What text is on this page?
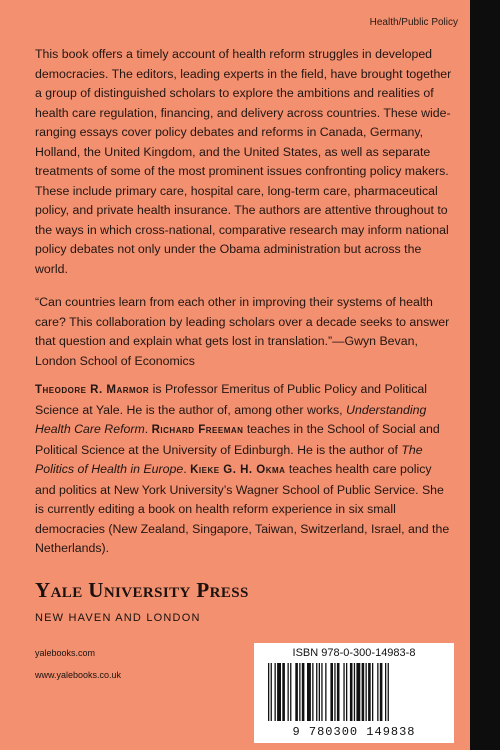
Health/Public Policy
This book offers a timely account of health reform struggles in developed democracies. The editors, leading experts in the field, have brought together a group of distinguished scholars to explore the ambitions and realities of health care regulation, financing, and delivery across countries. These wide-ranging essays cover policy debates and reforms in Canada, Germany, Holland, the United Kingdom, and the United States, as well as separate treatments of some of the most prominent issues confronting policy makers. These include primary care, hospital care, long-term care, pharmaceutical policy, and private health insurance. The authors are attentive throughout to the ways in which cross-national, comparative research may inform national policy debates not only under the Obama administration but across the world.
“Can countries learn from each other in improving their systems of health care? This collaboration by leading scholars over a decade seeks to answer that question and explain what gets lost in translation.”—Gwyn Bevan, London School of Economics
Theodore R. Marmor is Professor Emeritus of Public Policy and Political Science at Yale. He is the author of, among other works, Understanding Health Care Reform. Richard Freeman teaches in the School of Social and Political Science at the University of Edinburgh. He is the author of The Politics of Health in Europe. Kieke G. H. Okma teaches health care policy and politics at New York University’s Wagner School of Public Service. She is currently editing a book on health reform experience in six small democracies (New Zealand, Singapore, Taiwan, Switzerland, Israel, and the Netherlands).
Yale University Press
NEW HAVEN AND LONDON
yalebooks.com
www.yalebooks.co.uk
ISBN 978-0-300-14983-8
9 780300 149838
